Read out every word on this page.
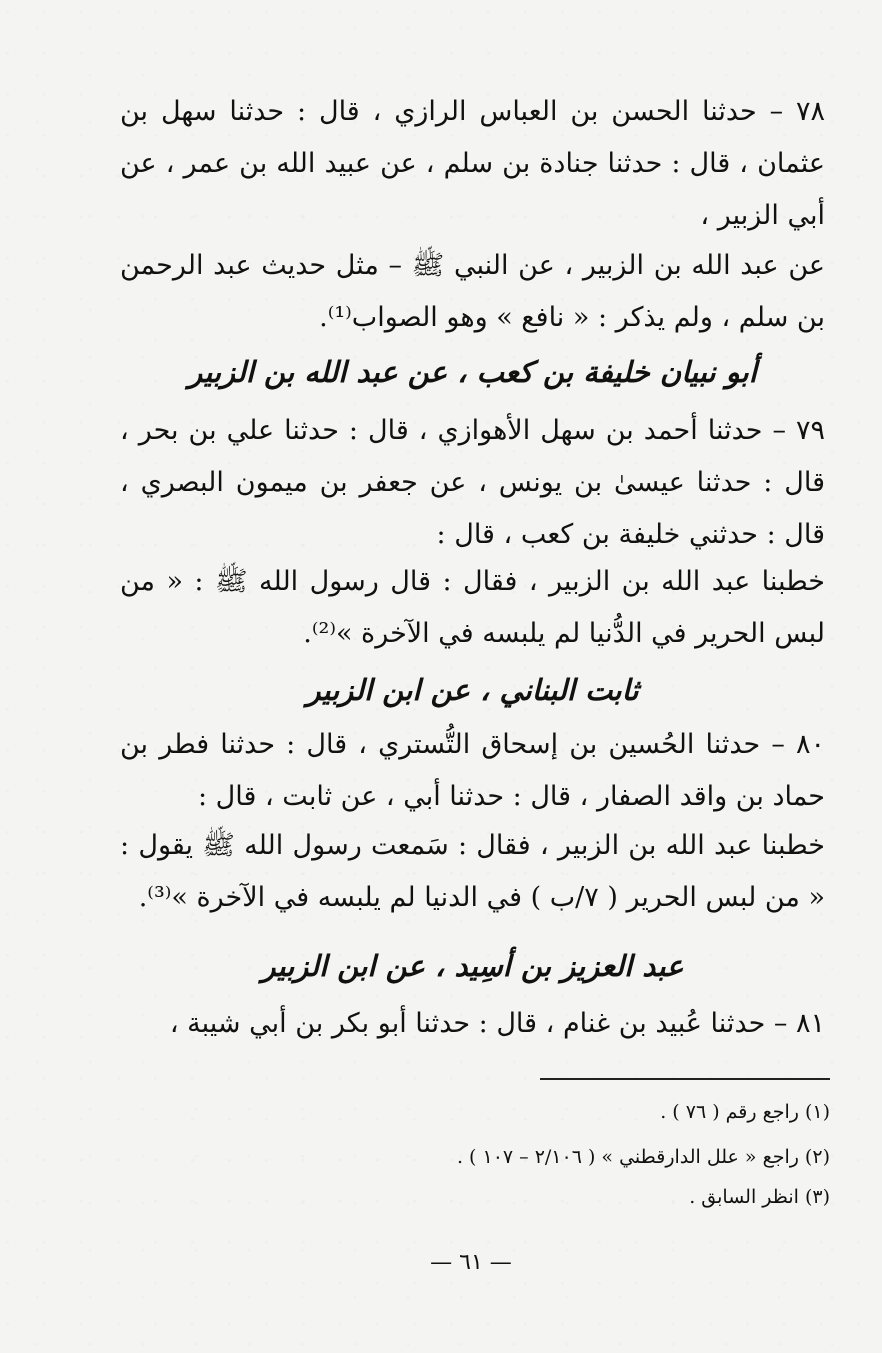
٧٨ – حدثنا الحسن بن العباس الرازي ، قال : حدثنا سهل بن عثمان ، قال : حدثنا جنادة بن سلم ، عن عبيد الله بن عمر ، عن أبي الزبير ،

عن عبد الله بن الزبير ، عن النبي ﷺ – مثل حديث عبد الرحمن بن سلم ، ولم يذكر : « نافع » وهو الصواب⁽¹⁾.

أبو نبيان خليفة بن كعب ، عن عبد الله بن الزبير

٧٩ – حدثنا أحمد بن سهل الأهوازي ، قال : حدثنا علي بن بحر ، قال : حدثنا عيسىٰ بن يونس ، عن جعفر بن ميمون البصري ، قال : حدثني خليفة بن كعب ، قال :

خطبنا عبد الله بن الزبير ، فقال : قال رسول الله ﷺ : « من لبس الحرير في الدُّنيا لم يلبسه في الآخرة »⁽²⁾.

ثابت البناني ، عن ابن الزبير

٨٠ – حدثنا الحُسين بن إسحاق التُّستري ، قال : حدثنا فطر بن حماد بن واقد الصفار ، قال : حدثنا أبي ، عن ثابت ، قال :

خطبنا عبد الله بن الزبير ، فقال : سَمعت رسول الله ﷺ يقول : « من لبس الحرير ( ٧/ب ) في الدنيا لم يلبسه في الآخرة »⁽³⁾.

عبد العزيز بن أسِيد ، عن ابن الزبير

٨١ – حدثنا عُبيد بن غنام ، قال : حدثنا أبو بكر بن أبي شيبة ،

(١) راجع رقم ( ٧٦ ) .

(٢) راجع « علل الدارقطني » ( ٢/١٠٦ – ١٠٧ ) .

(٣) انظر السابق .

— ٦١ —
